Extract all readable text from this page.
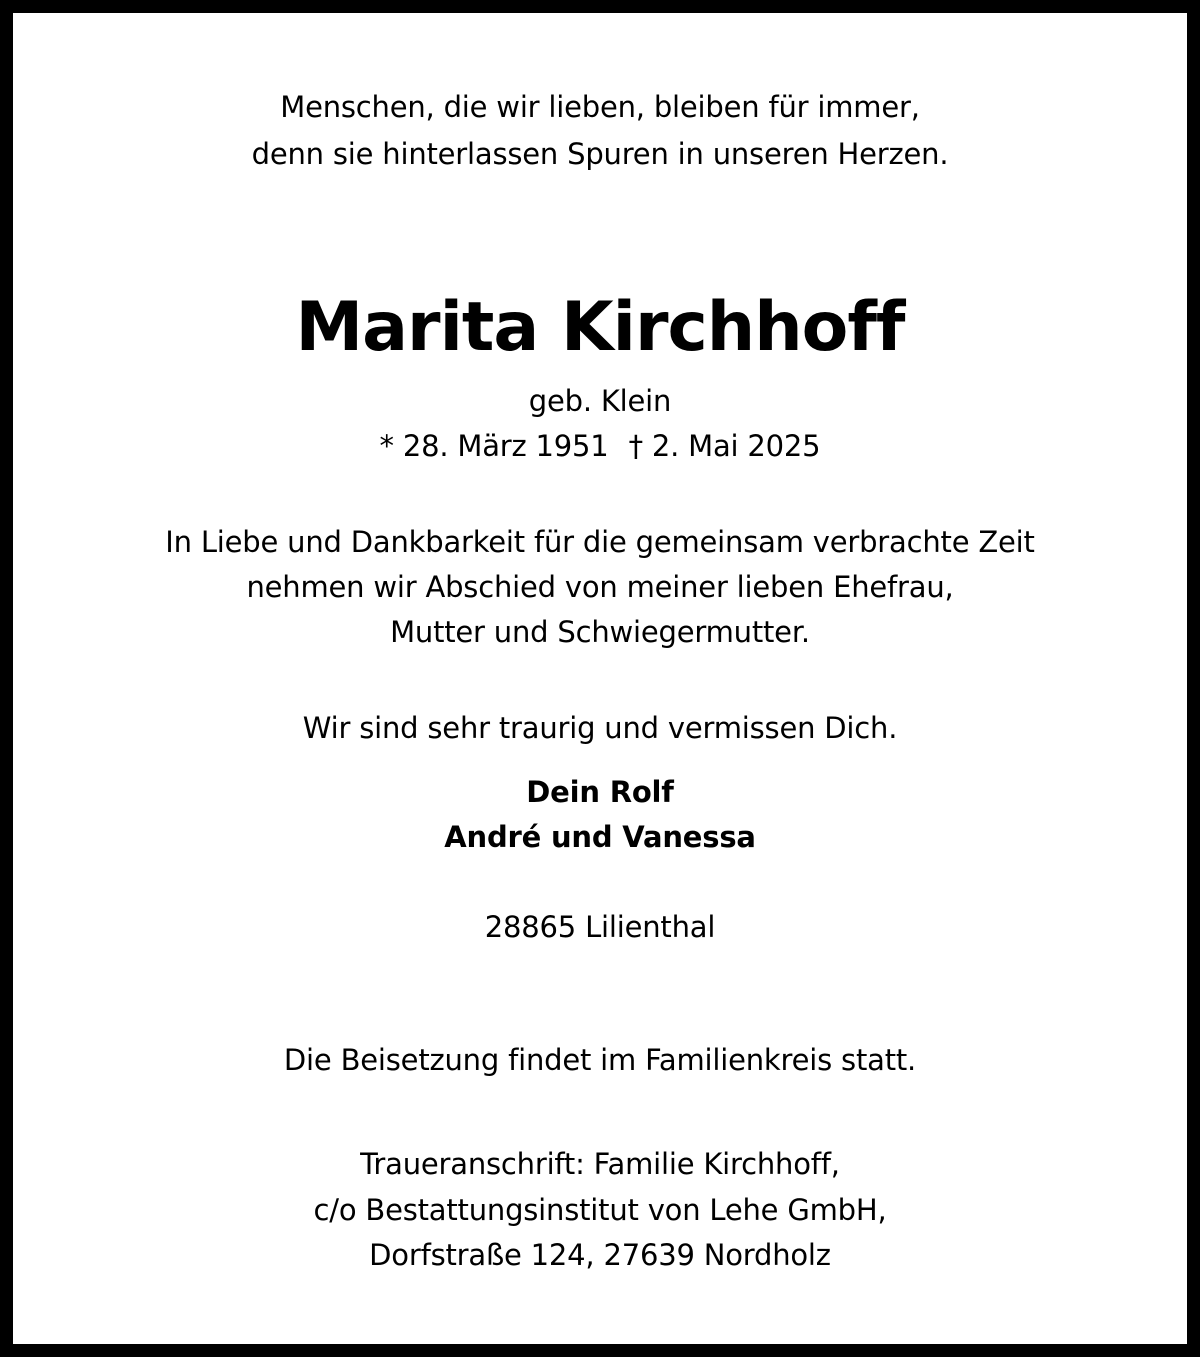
Menschen, die wir lieben, bleiben für immer,
denn sie hinterlassen Spuren in unseren Herzen.
Marita Kirchhoff
geb. Klein
* 28. März 1951 † 2. Mai 2025
In Liebe und Dankbarkeit für die gemeinsam verbrachte Zeit
nehmen wir Abschied von meiner lieben Ehefrau,
Mutter und Schwiegermutter.
Wir sind sehr traurig und vermissen Dich.
Dein Rolf
André und Vanessa
28865 Lilienthal
Die Beisetzung findet im Familienkreis statt.
Traueranschrift: Familie Kirchhoff,
c/o Bestattungsinstitut von Lehe GmbH,
Dorfstraße 124, 27639 Nordholz
